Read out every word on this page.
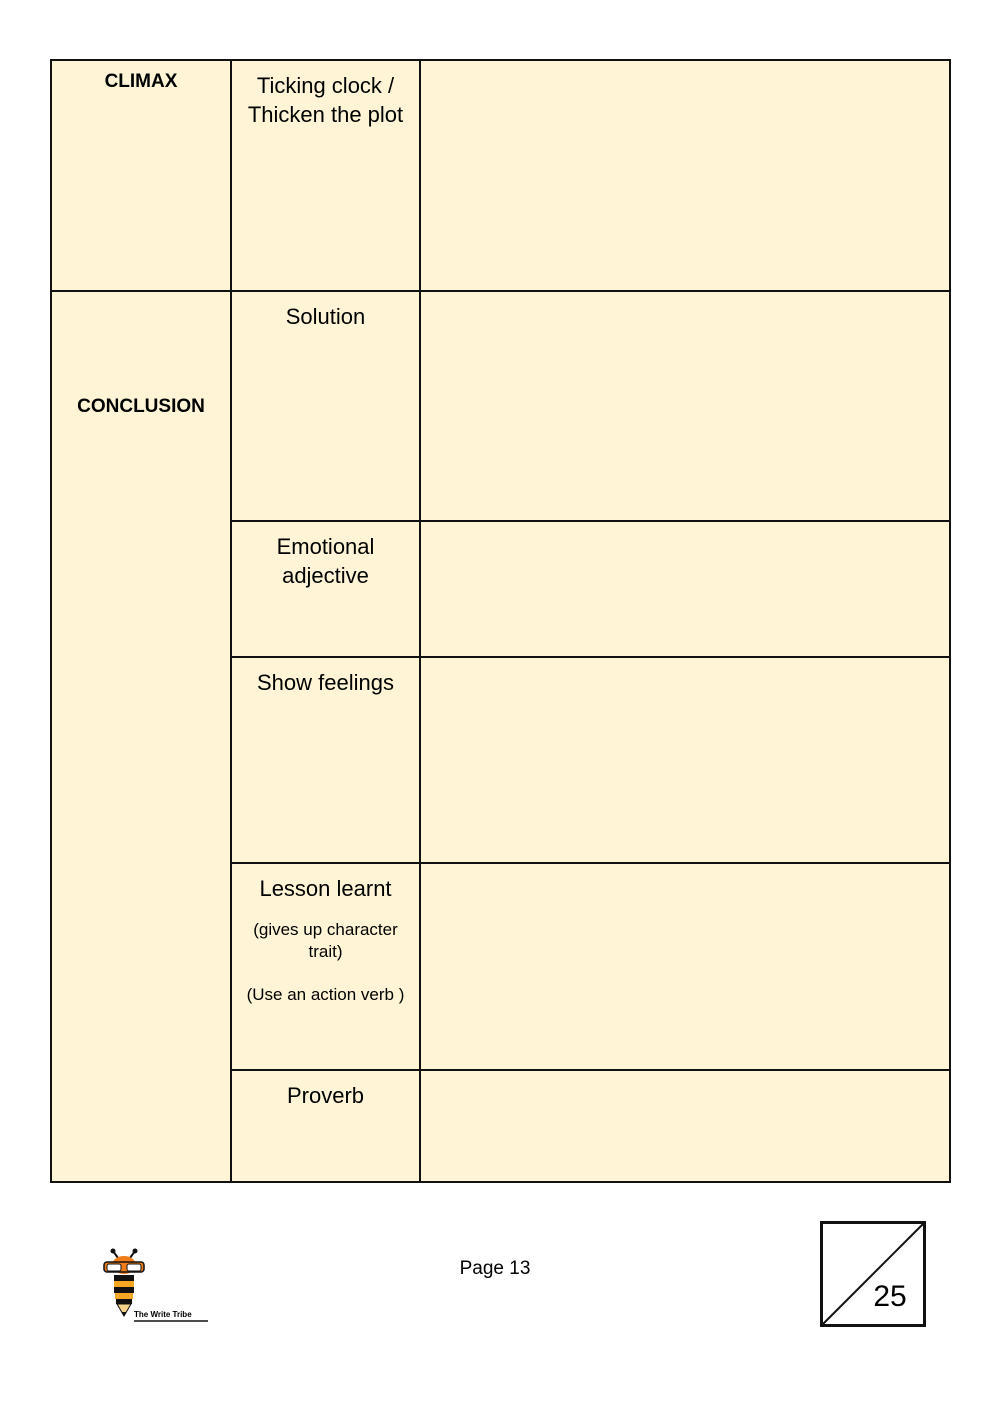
CLIMAX
CONCLUSION
Ticking clock / Thicken the plot
Solution
Emotional adjective
Show feelings
Lesson learnt
(gives up character trait)
(Use an action verb )
Proverb
The Write Tribe
Page 13
25
